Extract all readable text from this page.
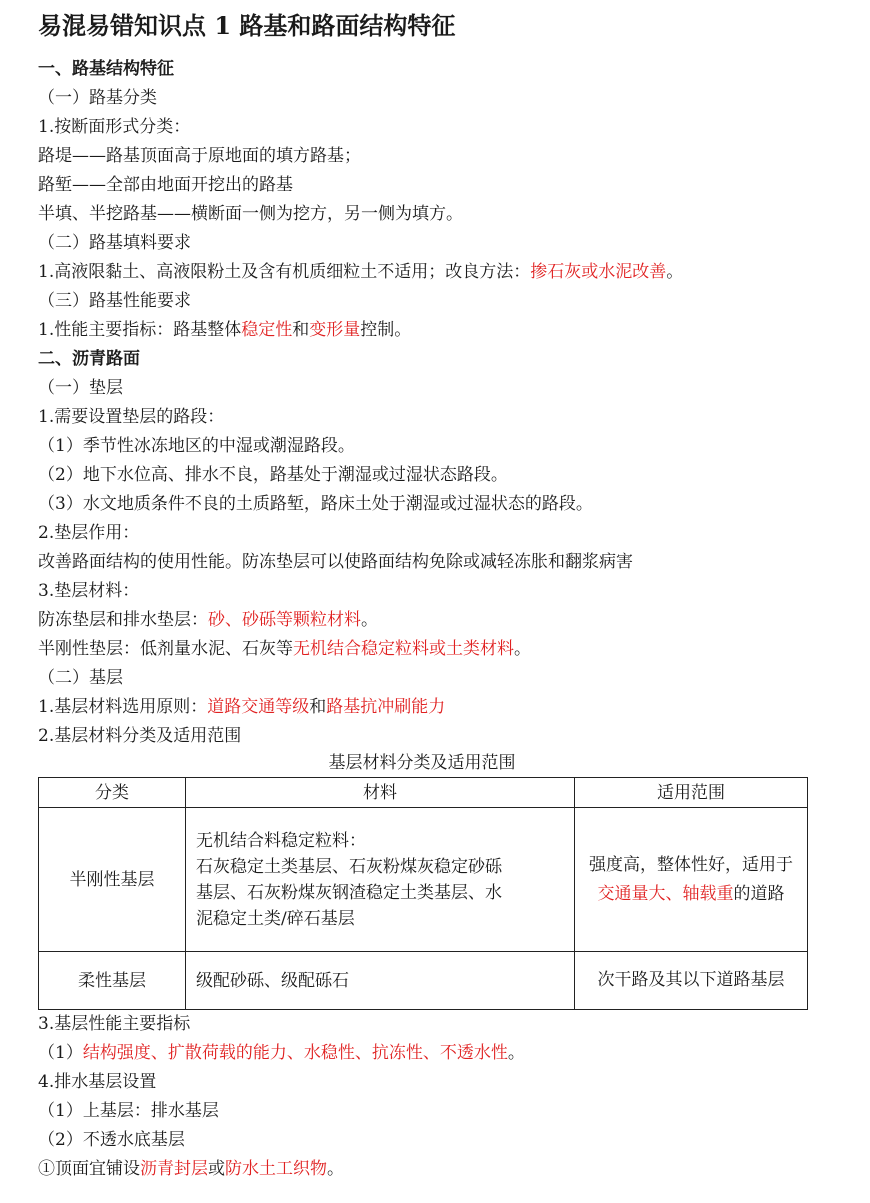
易混易错知识点 1 路基和路面结构特征
一、路基结构特征
（一）路基分类
1.按断面形式分类：
路堤——路基顶面高于原地面的填方路基；
路堑——全部由地面开挖出的路基
半填、半挖路基——横断面一侧为挖方，另一侧为填方。
（二）路基填料要求
1.高液限黏土、高液限粉土及含有机质细粒土不适用；改良方法：掺石灰或水泥改善。
（三）路基性能要求
1.性能主要指标：路基整体稳定性和变形量控制。
二、沥青路面
（一）垫层
1.需要设置垫层的路段：
（1）季节性冰冻地区的中湿或潮湿路段。
（2）地下水位高、排水不良，路基处于潮湿或过湿状态路段。
（3）水文地质条件不良的土质路堑，路床土处于潮湿或过湿状态的路段。
2.垫层作用：
改善路面结构的使用性能。防冻垫层可以使路面结构免除或减轻冻胀和翻浆病害
3.垫层材料：
防冻垫层和排水垫层：砂、砂砾等颗粒材料。
半刚性垫层：低剂量水泥、石灰等无机结合稳定粒料或土类材料。
（二）基层
1.基层材料选用原则：道路交通等级和路基抗冲刷能力
2.基层材料分类及适用范围
基层材料分类及适用范围
分类	材料	适用范围
半刚性基层	无机结合料稳定粒料：
石灰稳定土类基层、石灰粉煤灰稳定砂砾
基层、石灰粉煤灰钢渣稳定土类基层、水
泥稳定土类/碎石基层	强度高，整体性好，适用于交通量大、轴载重的道路
柔性基层	级配砂砾、级配砾石	次干路及其以下道路基层
3.基层性能主要指标
（1）结构强度、扩散荷载的能力、水稳性、抗冻性、不透水性。
4.排水基层设置
（1）上基层：排水基层
（2）不透水底基层
①顶面宜铺设沥青封层或防水土工织物。
